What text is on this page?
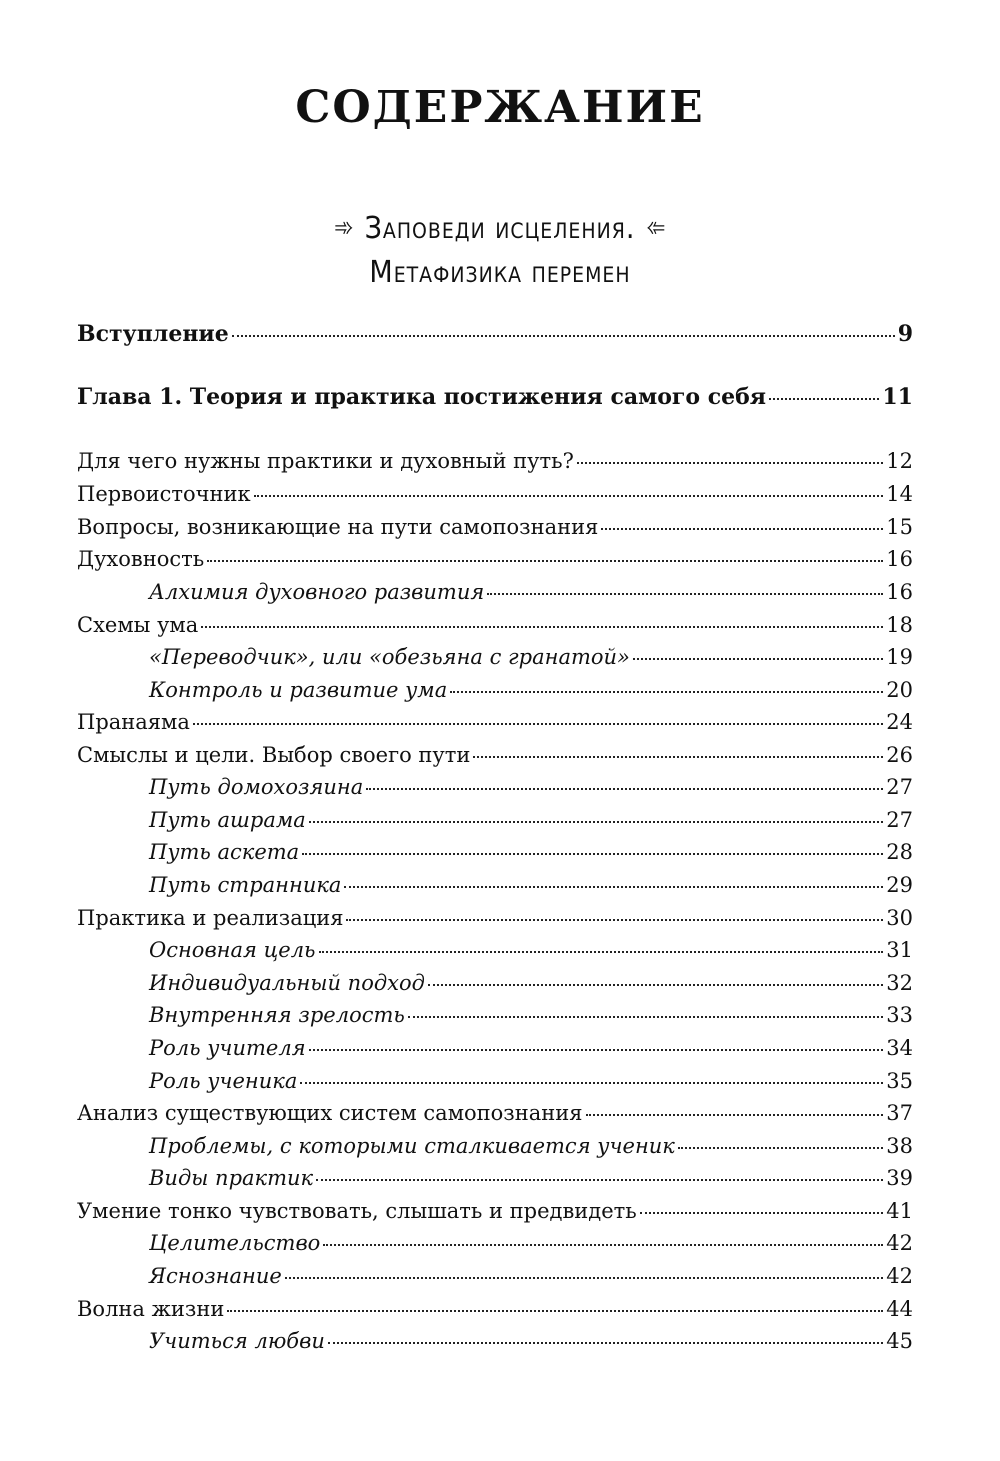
СОДЕРЖАНИЕ
➾ Заповеди исцеления. ➾
Метафизика перемен
Вступление	9
Глава 1. Теория и практика постижения самого себя	11
Для чего нужны практики и духовный путь?	12
Первоисточник	14
Вопросы, возникающие на пути самопознания	15
Духовность	16
Алхимия духовного развития	16
Схемы ума	18
«Переводчик», или «обезьяна с гранатой»	19
Контроль и развитие ума	20
Пранаяма	24
Смыслы и цели. Выбор своего пути	26
Путь домохозяина	27
Путь ашрама	27
Путь аскета	28
Путь странника	29
Практика и реализация	30
Основная цель	31
Индивидуальный подход	32
Внутренняя зрелость	33
Роль учителя	34
Роль ученика	35
Анализ существующих систем самопознания	37
Проблемы, с которыми сталкивается ученик	38
Виды практик	39
Умение тонко чувствовать, слышать и предвидеть	41
Целительство	42
Яснознание	42
Волна жизни	44
Учиться любви	45
